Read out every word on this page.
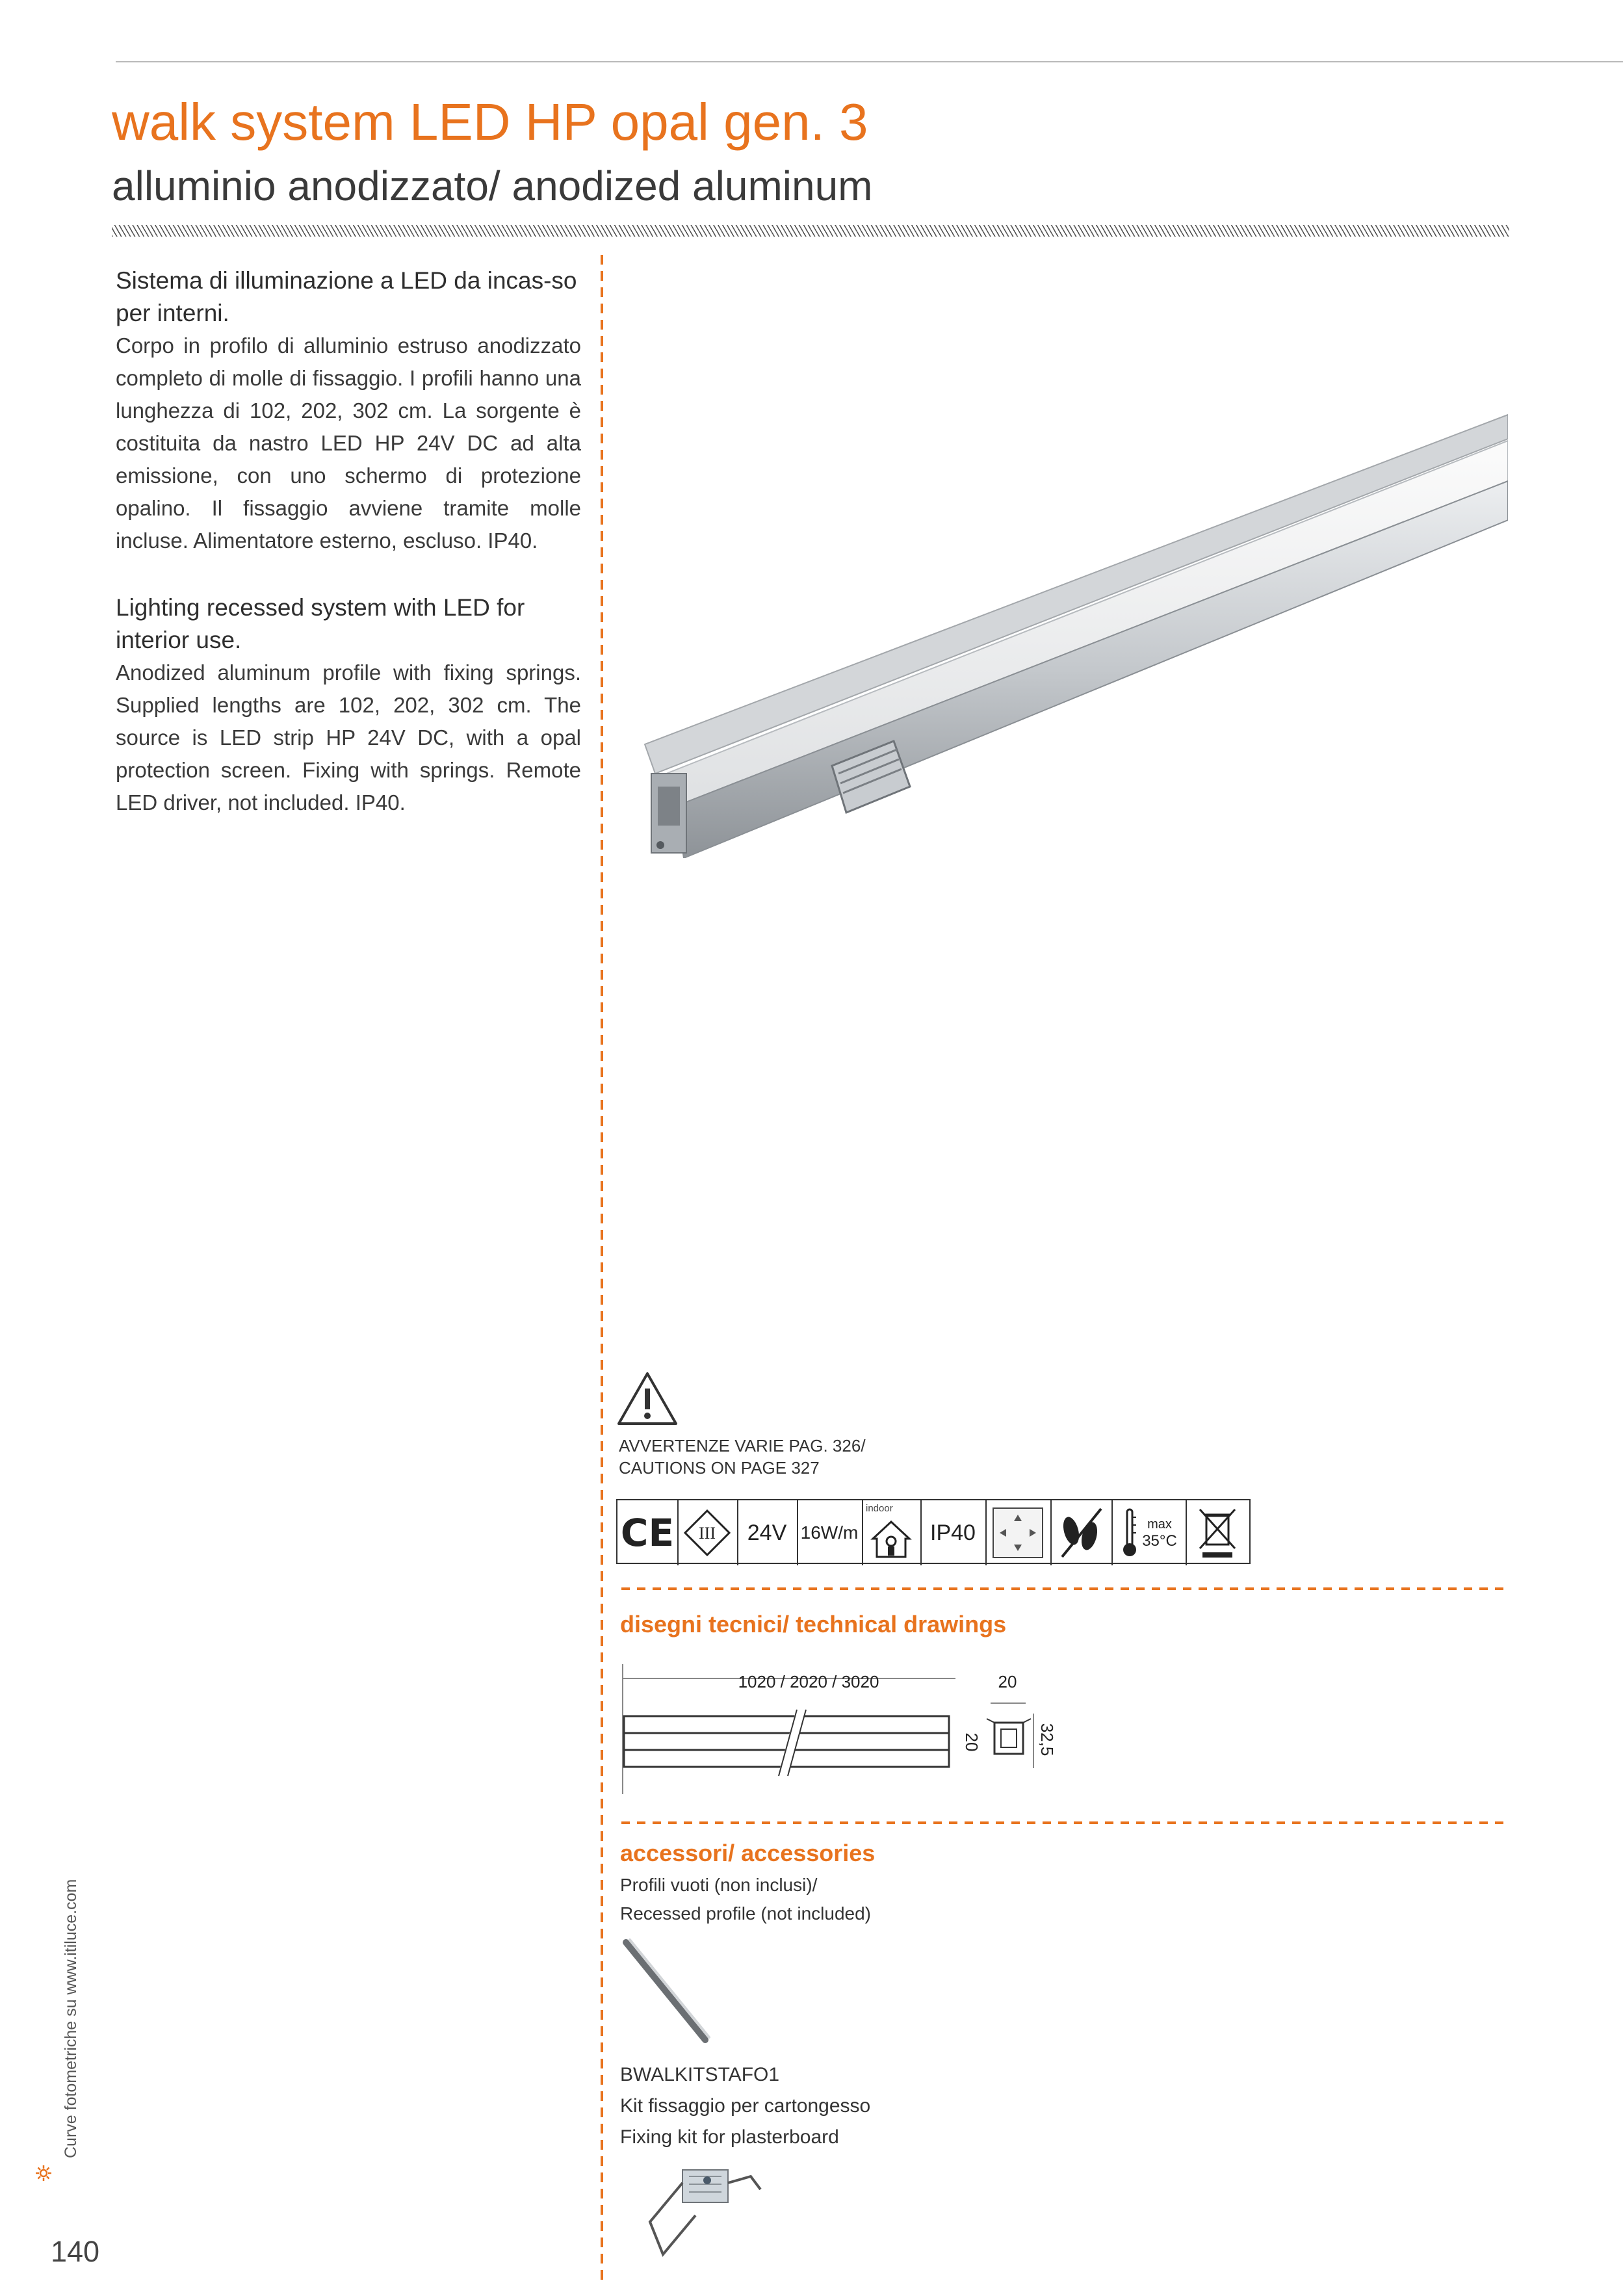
walk system LED HP opal gen. 3
alluminio anodizzato/ anodized aluminum
Sistema di illuminazione a LED da incas-so per interni.
Corpo in profilo di alluminio estruso anodizzato completo di molle di fissaggio. I profili hanno una lunghezza di 102, 202, 302 cm. La sorgente è costituita da nastro LED HP 24V DC ad alta emissione, con uno schermo di protezione opalino. Il fissaggio avviene tramite molle incluse. Alimentatore esterno, escluso. IP40.
Lighting recessed system with LED for interior use.
Anodized aluminum profile with fixing springs. Supplied lengths are 102, 202, 302 cm. The source is LED strip HP 24V DC, with a opal protection screen. Fixing with springs. Remote LED driver, not included. IP40.
AVVERTENZE VARIE PAG. 326/
CAUTIONS ON PAGE 327
CE III	24V 16W/m
indoor
IP40	max
35°C
disegni tecnici/ technical drawings
1020 / 2020 / 3020	20
20	32,5
accessori/ accessories
Profili vuoti (non inclusi)/
Recessed profile (not included)
BWALKITSTAFO1
Kit fissaggio per cartongesso
Fixing kit for plasterboard
Curve fotometriche su www.itiluce.com
140
